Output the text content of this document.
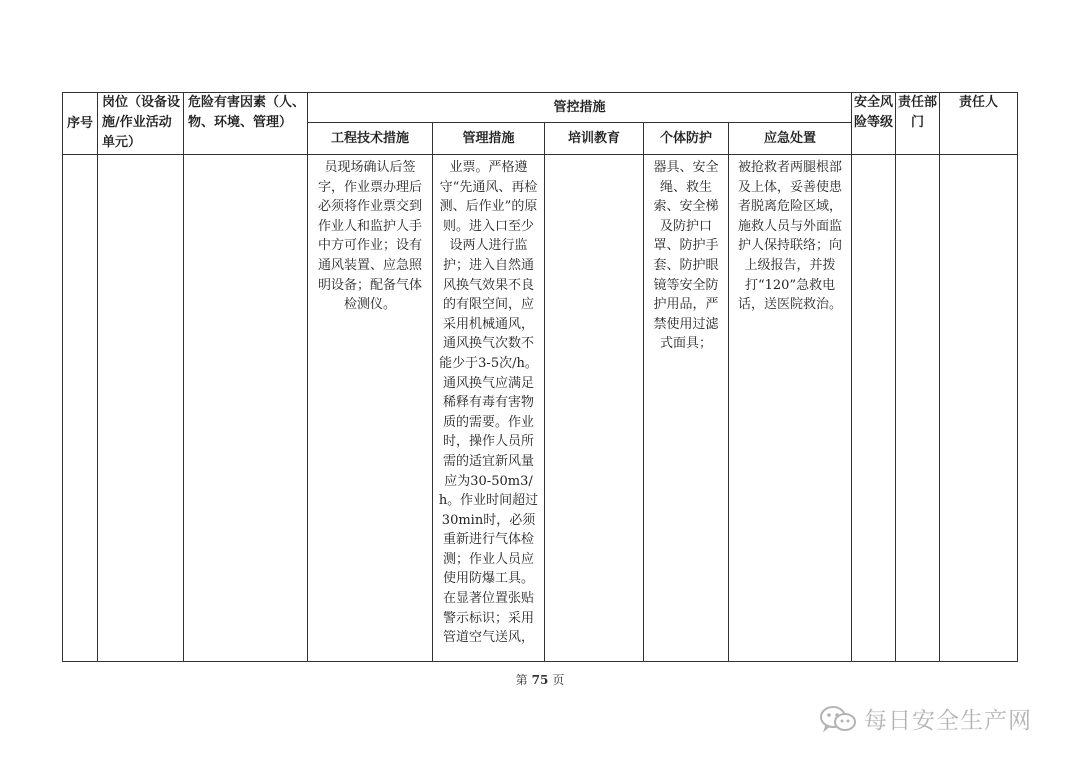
序号	岗位（设备设施/作业活动单元）	危险有害因素（人、物、环境、管理）	管控措施					安全风险等级	责任部门	责任人
			工程技术措施	管理措施	培训教育	个体防护	应急处置			

			员现场确认后签字，作业票办理后必须将作业票交到作业人和监护人手中方可作业；设有通风装置、应急照明设备；配备气体检测仪。	业票。严格遵守“先通风、再检测、后作业”的原则。进入口至少设两人进行监护；进入自然通风换气效果不良的有限空间，应采用机械通风，通风换气次数不能少于3-5次/h。通风换气应满足稀释有毒有害物质的需要。作业时，操作人员所需的适宜新风量应为30-50m3/h。作业时间超过30min时，必须重新进行气体检测；作业人员应使用防爆工具。在显著位置张贴警示标识；采用管道空气送风，		器具、安全绳、救生索、安全梯及防护口罩、防护手套、防护眼镜等安全防护用品，严禁使用过滤式面具；	被抢救者两腿根部及上体，妥善使患者脱离危险区域，施救人员与外面监护人保持联络；向上级报告，并拨打“120”急救电话，送医院救治。			

第 75 页
每日安全生产网
